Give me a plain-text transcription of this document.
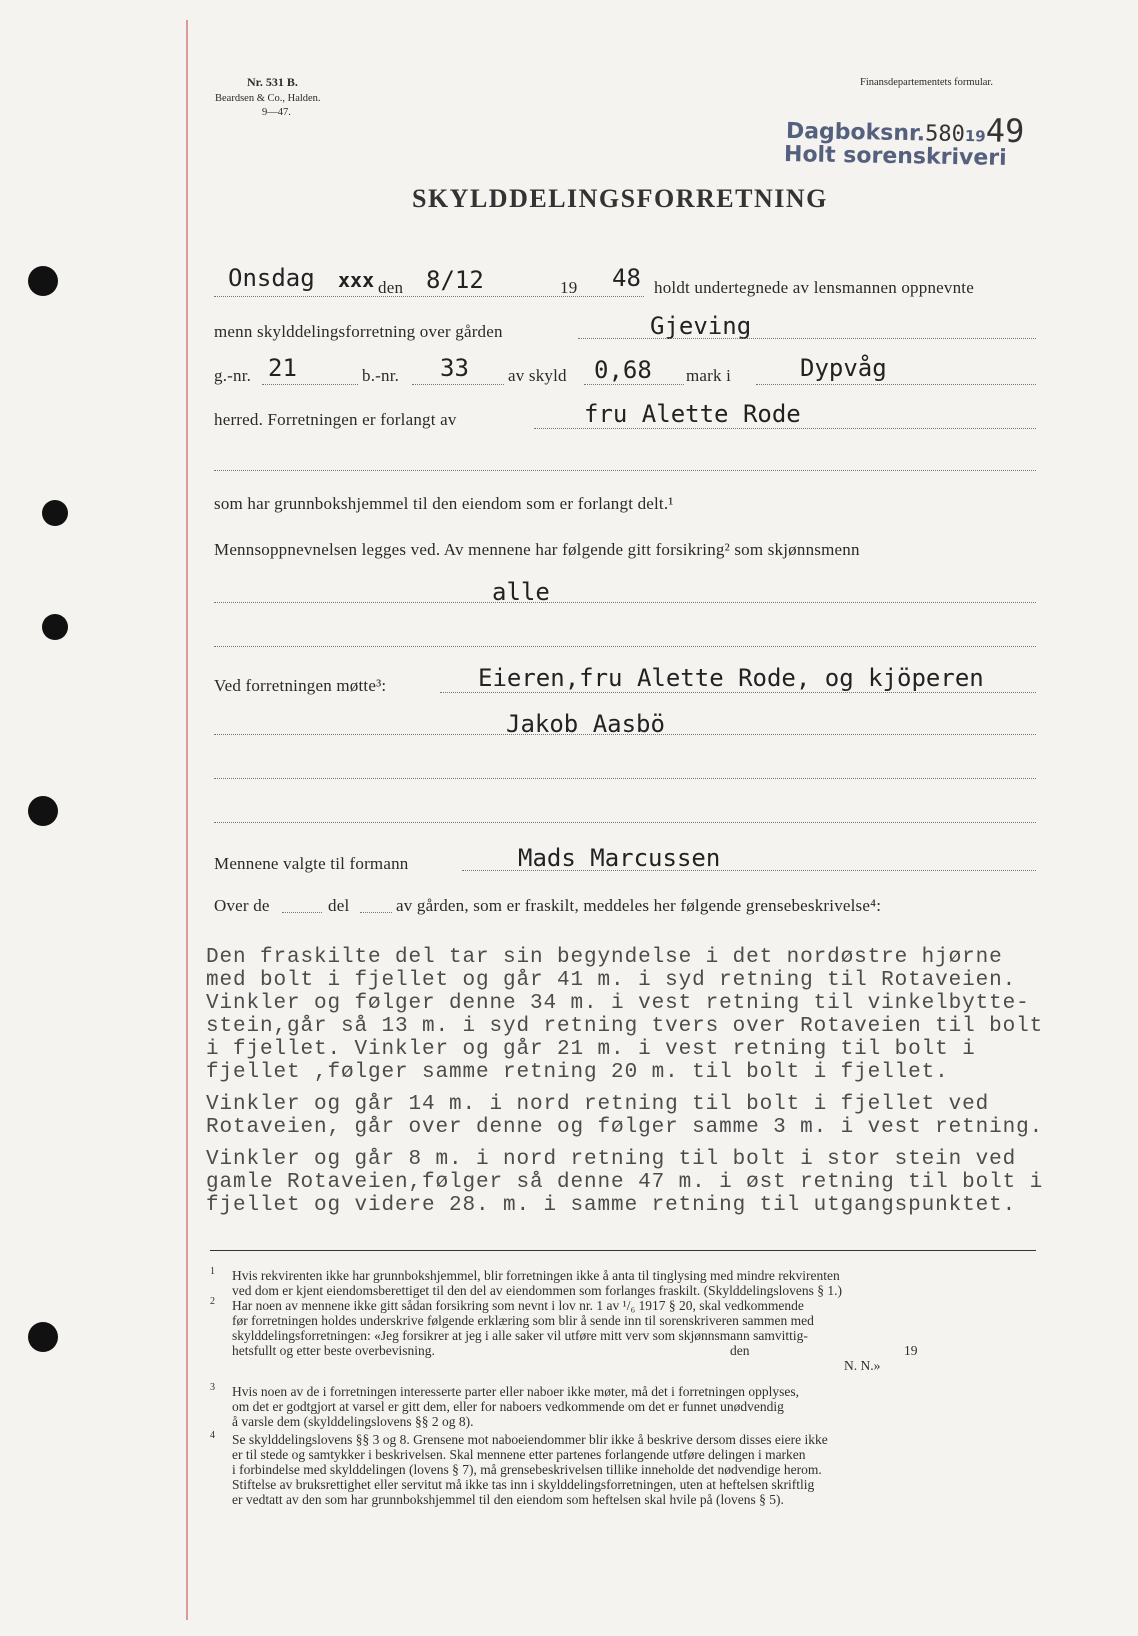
Nr. 531 B.
Beardsen & Co., Halden.
9—47.
Finansdepartementets formular.
Dagboksnr.5801949
Holt sorenskriveri
SKYLDDELINGSFORRETNING
Onsdag xxx den 8/12	19 48 holdt undertegnede av lensmannen oppnevnte
menn skylddelingsforretning over gården	Gjeving
g.-nr. 21	b.-nr. 33 av skyld 0,68 mark i	Dypvåg
herred. Forretningen er forlangt av	fru Alette Rode
som har grunnbokshjemmel til den eiendom som er forlangt delt.¹
Mennsoppnevnelsen legges ved. Av mennene har følgende gitt forsikring² som skjønnsmenn
alle
Ved forretningen møtte³:	Eieren,fru Alette Rode, og kjöperen
Jakob Aasbö
Mennene valgte til formann	Mads Marcussen
Over de	del	av gården, som er fraskilt, meddeles her følgende grensebeskrivelse⁴:
Den fraskilte del tar sin begyndelse i det nordøstre hjørne
med bolt i fjellet og går 41 m. i syd retning til Rotaveien.
Vinkler og følger denne 34 m. i vest retning til vinkelbytte-
stein,går så 13 m. i syd retning tvers over Rotaveien til bolt
i fjellet. Vinkler og går 21 m. i vest retning til bolt i
fjellet ,følger samme retning 20 m. til bolt i fjellet.
Vinkler og går 14 m. i nord retning til bolt i fjellet ved
Rotaveien, går over denne og følger samme 3 m. i vest retning.
Vinkler og går 8 m. i nord retning til bolt i stor stein ved
gamle Rotaveien,følger så denne 47 m. i øst retning til bolt i
fjellet og videre 28. m. i samme retning til utgangspunktet.
1 Hvis rekvirenten ikke har grunnbokshjemmel, blir forretningen ikke å anta til tinglysing med mindre rekvirenten
ved dom er kjent eiendomsberettiget til den del av eiendommen som forlanges fraskilt. (Skylddelingslovens § 1.)
2 Har noen av mennene ikke gitt sådan forsikring som nevnt i lov nr. 1 av ¹/₆ 1917 § 20, skal vedkommende
før forretningen holdes underskrive følgende erklæring som blir å sende inn til sorenskriveren sammen med
skylddelingsforretningen: «Jeg forsikrer at jeg i alle saker vil utføre mitt verv som skjønnsmann samvittig-
hetsfullt og etter beste overbevisning.	den	19
N. N.»
3 Hvis noen av de i forretningen interesserte parter eller naboer ikke møter, må det i forretningen opplyses,
om det er godtgjort at varsel er gitt dem, eller for naboers vedkommende om det er funnet unødvendig
å varsle dem (skylddelingslovens §§ 2 og 8).
4 Se skylddelingslovens §§ 3 og 8. Grensene mot naboeiendommer blir ikke å beskrive dersom disses eiere ikke
er til stede og samtykker i beskrivelsen. Skal mennene etter partenes forlangende utføre delingen i marken
i forbindelse med skylddelingen (lovens § 7), må grensebeskrivelsen tillike inneholde det nødvendige herom.
Stiftelse av bruksrettighet eller servitut må ikke tas inn i skylddelingsforretningen, uten at heftelsen skriftlig
er vedtatt av den som har grunnbokshjemmel til den eiendom som heftelsen skal hvile på (lovens § 5).
